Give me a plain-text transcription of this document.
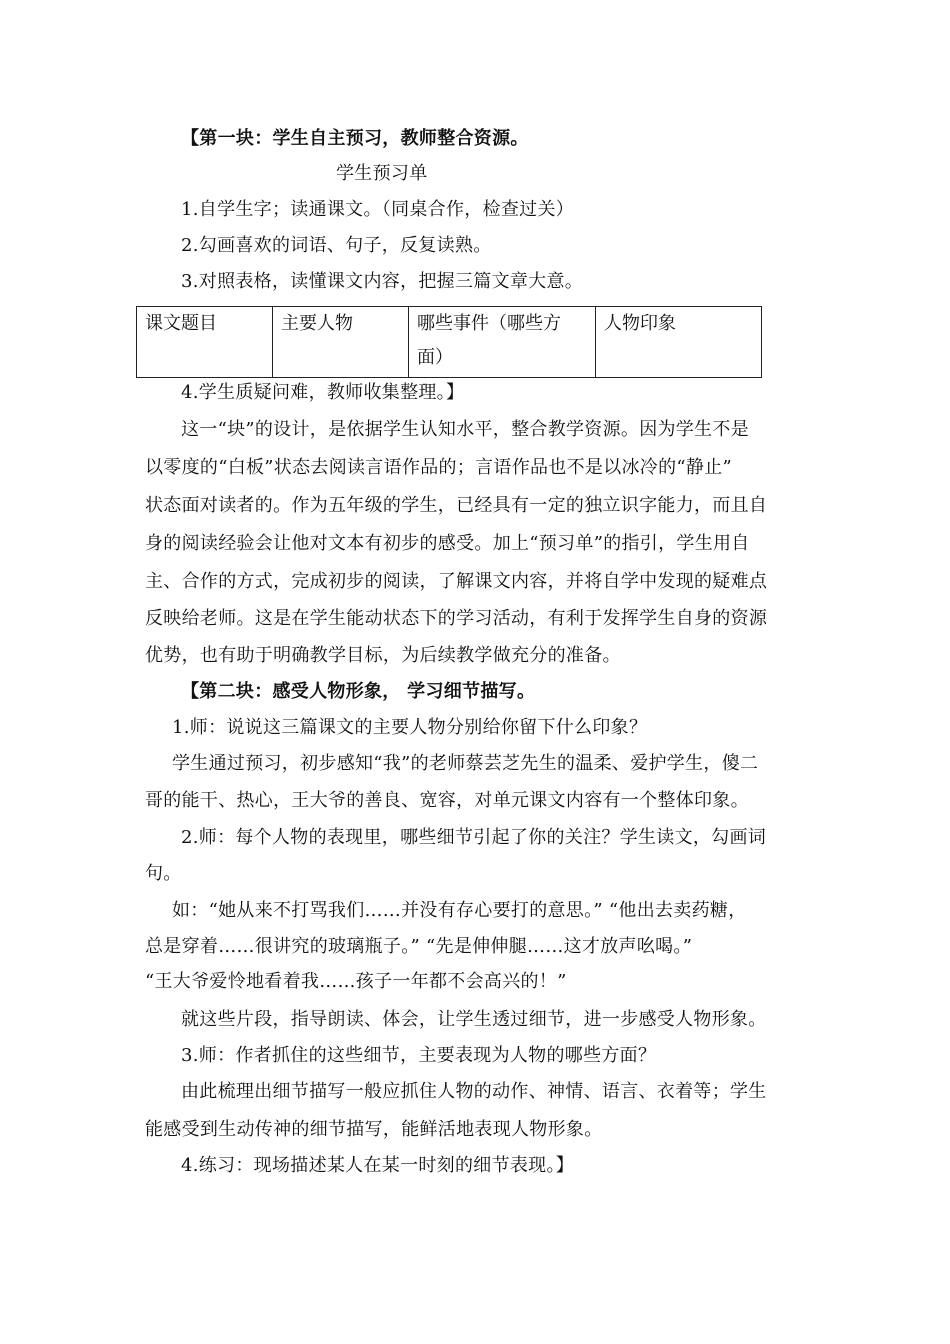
【第一块：学生自主预习，教师整合资源。
学生预习单
1.自学生字；读通课文。（同桌合作，检查过关）
2.勾画喜欢的词语、句子，反复读熟。
3.对照表格，读懂课文内容，把握三篇文章大意。
课文题目	主要人物	哪些事件（哪些方
面）	人物印象
4.学生质疑问难，教师收集整理。】
这一“块”的设计，是依据学生认知水平，整合教学资源。因为学生不是
以零度的“白板”状态去阅读言语作品的；言语作品也不是以冰冷的“静止”
状态面对读者的。作为五年级的学生，已经具有一定的独立识字能力，而且自
身的阅读经验会让他对文本有初步的感受。加上“预习单”的指引，学生用自
主、合作的方式，完成初步的阅读，了解课文内容，并将自学中发现的疑难点
反映给老师。这是在学生能动状态下的学习活动，有利于发挥学生自身的资源
优势，也有助于明确教学目标，为后续教学做充分的准备。
【第二块：感受人物形象， 学习细节描写。
1.师：说说这三篇课文的主要人物分别给你留下什么印象？
学生通过预习，初步感知“我”的老师蔡芸芝先生的温柔、爱护学生，傻二
哥的能干、热心，王大爷的善良、宽容，对单元课文内容有一个整体印象。
2.师：每个人物的表现里，哪些细节引起了你的关注？学生读文，勾画词
句。
如：“她从来不打骂我们……并没有存心要打的意思。” “他出去卖药糖，
总是穿着……很讲究的玻璃瓶子。” “先是伸伸腿……这才放声吆喝。”
“王大爷爱怜地看着我……孩子一年都不会高兴的！”
就这些片段，指导朗读、体会，让学生透过细节，进一步感受人物形象。
3.师：作者抓住的这些细节，主要表现为人物的哪些方面？
由此梳理出细节描写一般应抓住人物的动作、神情、语言、衣着等；学生
能感受到生动传神的细节描写，能鲜活地表现人物形象。
4.练习：现场描述某人在某一时刻的细节表现。】
